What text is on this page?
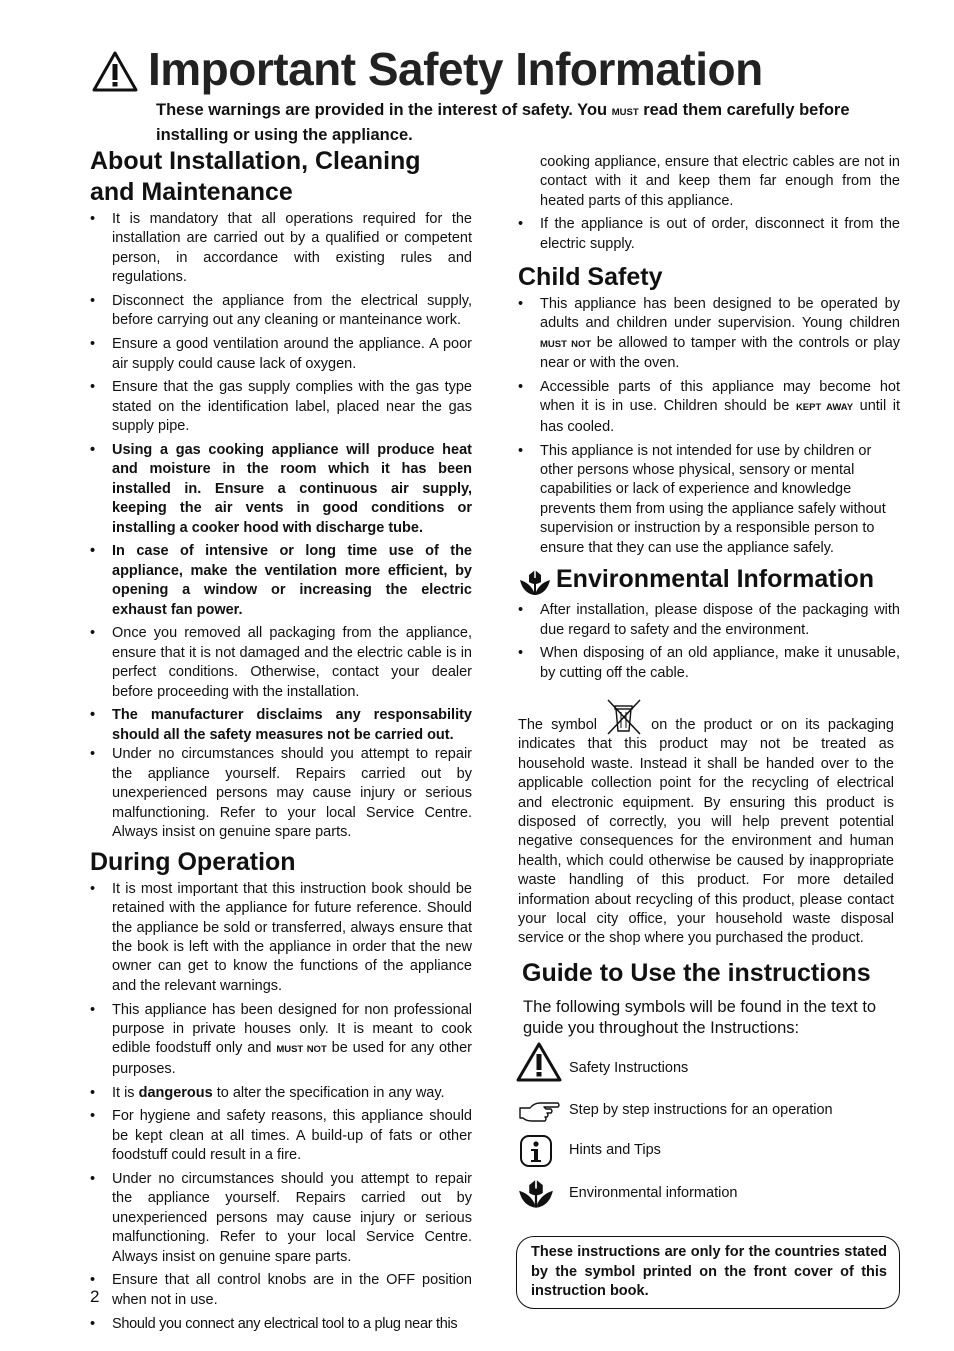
Important Safety Information
These warnings are provided in the interest of safety. You MUST read them carefully before installing or using the appliance.
About Installation, Cleaning and Maintenance
• It is mandatory that all operations required for the installation are carried out by a qualified or competent person, in accordance with existing rules and regulations.
• Disconnect the appliance from the electrical supply, before carrying out any cleaning or manteinance work.
• Ensure a good ventilation around the appliance. A poor air supply could cause lack of oxygen.
• Ensure that the gas supply complies with the gas type stated on the identification label, placed near the gas supply pipe.
• Using a gas cooking appliance will produce heat and moisture in the room which it has been installed in. Ensure a continuous air supply, keeping the air vents in good conditions or installing a cooker hood with discharge tube.
• In case of intensive or long time use of the appliance, make the ventilation more efficient, by opening a window or increasing the electric exhaust fan power.
• Once you removed all packaging from the appliance, ensure that it is not damaged and the electric cable is in perfect conditions. Otherwise, contact your dealer before proceeding with the installation.
• The manufacturer disclaims any responsability should all the safety measures not be carried out.
• Under no circumstances should you attempt to repair the appliance yourself. Repairs carried out by unexperienced persons may cause injury or serious malfunctioning. Refer to your local Service Centre. Always insist on genuine spare parts.
During Operation
• It is most important that this instruction book should be retained with the appliance for future reference. Should the appliance be sold or transferred, always ensure that the book is left with the appliance in order that the new owner can get to know the functions of the appliance and the relevant warnings.
• This appliance has been designed for non professional purpose in private houses only. It is meant to cook edible foodstuff only and MUST NOT be used for any other purposes.
• It is dangerous to alter the specification in any way.
• For hygiene and safety reasons, this appliance should be kept clean at all times. A build-up of fats or other foodstuff could result in a fire.
• Under no circumstances should you attempt to repair the appliance yourself. Repairs carried out by unexperienced persons may cause injury or serious malfunctioning. Refer to your local Service Centre. Always insist on genuine spare parts.
• Ensure that all control knobs are in the OFF position when not in use.
• Should you connect any electrical tool to a plug near this
2

cooking appliance, ensure that electric cables are not in contact with it and keep them far enough from the heated parts of this appliance.

• If the appliance is out of order, disconnect it from the electric supply.
Child Safety
• This appliance has been designed to be operated by adults and children under supervision. Young children MUST NOT be allowed to tamper with the controls or play near or with the oven.
• Accessible parts of this appliance may become hot when it is in use. Children should be KEPT AWAY until it has cooled.
• This appliance is not intended for use by children or other persons whose physical, sensory or mental capabilities or lack of experience and knowledge prevents them from using the appliance safely without supervision or instruction by a responsible person to ensure that they can use the appliance safely.
Environmental Information
• After installation, please dispose of the packaging with due regard to safety and the environment.
• When disposing of an old appliance, make it unusable, by cutting off the cable.

The symbol	on the product or on its packaging indicates that this product may not be treated as household waste. Instead it shall be handed over to the applicable collection point for the recycling of electrical and electronic equipment. By ensuring this product is disposed of correctly, you will help prevent potential negative consequences for the environment and human health, which could otherwise be caused by inappropriate waste handling of this product. For more detailed information about recycling of this product, please contact your local city office, your household waste disposal service or the shop where you purchased the product.

Guide to Use the instructions
The following symbols will be found in the text to guide you throughout the Instructions:
Safety Instructions
Step by step instructions for an operation
Hints and Tips
Environmental information
These instructions are only for the countries stated by the symbol printed on the front cover of this instruction book.
